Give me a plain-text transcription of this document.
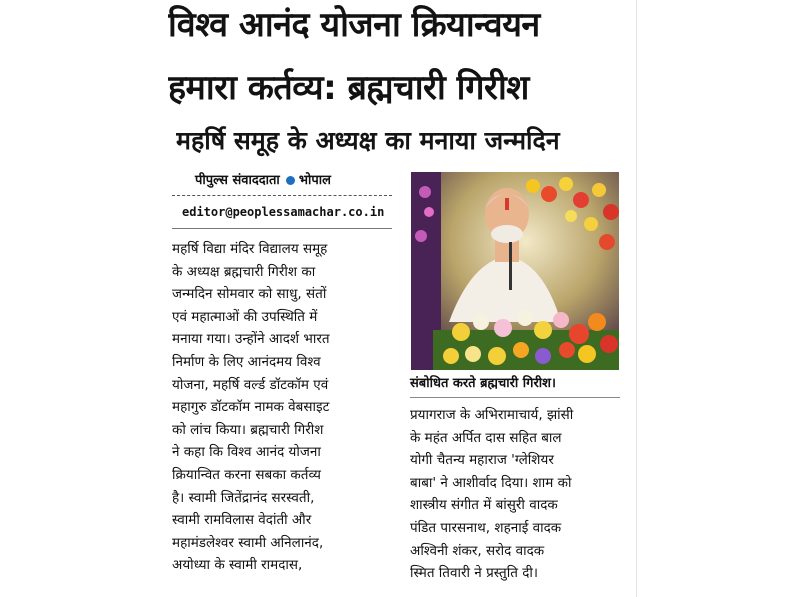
विश्व आनंद योजना क्रियान्वयन
हमारा कर्तव्य: ब्रह्मचारी गिरीश
महर्षि समूह के अध्यक्ष का मनाया जन्मदिन
पीपुल्स संवाददाता भोपाल
editor@peoplessamachar.co.in
महर्षि विद्या मंदिर विद्यालय समूह
के अध्यक्ष ब्रह्मचारी गिरीश का
जन्मदिन सोमवार को साधु, संतों
एवं महात्माओं की उपस्थिति में
मनाया गया। उन्होंने आदर्श भारत
निर्माण के लिए आनंदमय विश्व
योजना, महर्षि वर्ल्ड डॉटकॉम एवं
महागुरु डॉटकॉम नामक वेबसाइट
को लांच किया। ब्रह्मचारी गिरीश
ने कहा कि विश्व आनंद योजना
क्रियान्वित करना सबका कर्तव्य
है। स्वामी जितेंद्रानंद सरस्वती,
स्वामी रामविलास वेदांती और
महामंडलेश्वर स्वामी अनिलानंद,
अयोध्या के स्वामी रामदास,
संबोधित करते ब्रह्मचारी गिरीश।
प्रयागराज के अभिरामाचार्य, झांसी
के महंत अर्पित दास सहित बाल
योगी चैतन्य महाराज 'ग्लेशियर
बाबा' ने आशीर्वाद दिया। शाम को
शास्त्रीय संगीत में बांसुरी वादक
पंडित पारसनाथ, शहनाई वादक
अश्विनी शंकर, सरोद वादक
स्मित तिवारी ने प्रस्तुति दी।
